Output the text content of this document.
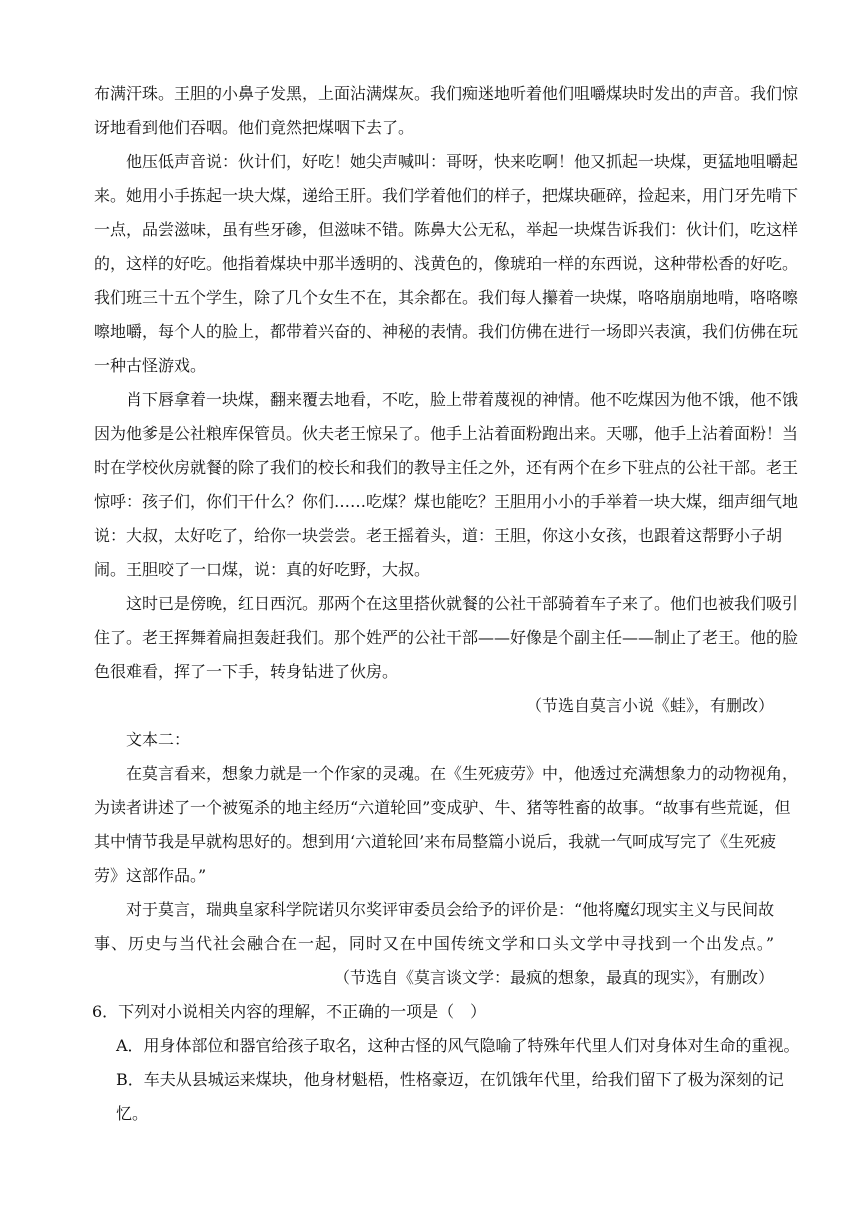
布满汗珠。王胆的小鼻子发黑，上面沾满煤灰。我们痴迷地听着他们咀嚼煤块时发出的声音。我们惊
讶地看到他们吞咽。他们竟然把煤咽下去了。
　　他压低声音说：伙计们，好吃！她尖声喊叫：哥呀，快来吃啊！他又抓起一块煤，更猛地咀嚼起
来。她用小手拣起一块大煤，递给王肝。我们学着他们的样子，把煤块砸碎，捡起来，用门牙先啃下
一点，品尝滋味，虽有些牙碜，但滋味不错。陈鼻大公无私，举起一块煤告诉我们：伙计们，吃这样
的，这样的好吃。他指着煤块中那半透明的、浅黄色的，像琥珀一样的东西说，这种带松香的好吃。
我们班三十五个学生，除了几个女生不在，其余都在。我们每人攥着一块煤，咯咯崩崩地啃，咯咯嚓
嚓地嚼，每个人的脸上，都带着兴奋的、神秘的表情。我们仿佛在进行一场即兴表演，我们仿佛在玩
一种古怪游戏。
　　肖下唇拿着一块煤，翻来覆去地看，不吃，脸上带着蔑视的神情。他不吃煤因为他不饿，他不饿
因为他爹是公社粮库保管员。伙夫老王惊呆了。他手上沾着面粉跑出来。天哪，他手上沾着面粉！当
时在学校伙房就餐的除了我们的校长和我们的教导主任之外，还有两个在乡下驻点的公社干部。老王
惊呼：孩子们，你们干什么？你们……吃煤？煤也能吃？王胆用小小的手举着一块大煤，细声细气地
说：大叔，太好吃了，给你一块尝尝。老王摇着头，道：王胆，你这小女孩，也跟着这帮野小子胡
闹。王胆咬了一口煤，说：真的好吃野，大叔。
　　这时已是傍晚，红日西沉。那两个在这里搭伙就餐的公社干部骑着车子来了。他们也被我们吸引
住了。老王挥舞着扁担轰赶我们。那个姓严的公社干部——好像是个副主任——制止了老王。他的脸
色很难看，挥了一下手，转身钻进了伙房。
（节选自莫言小说《蛙》，有删改）
　　文本二：
　　在莫言看来，想象力就是一个作家的灵魂。在《生死疲劳》中，他透过充满想象力的动物视角，
为读者讲述了一个被冤杀的地主经历“六道轮回”变成驴、牛、猪等牲畜的故事。“故事有些荒诞，但
其中情节我是早就构思好的。想到用‘六道轮回’来布局整篇小说后，我就一气呵成写完了《生死疲
劳》这部作品。”
　　对于莫言，瑞典皇家科学院诺贝尔奖评审委员会给予的评价是：“他将魔幻现实主义与民间故
事、历史与当代社会融合在一起，同时又在中国传统文学和口头文学中寻找到一个出发点。”
（节选自《莫言谈文学：最疯的想象，最真的现实》，有删改）
6．下列对小说相关内容的理解，不正确的一项是（　）
A．用身体部位和器官给孩子取名，这种古怪的风气隐喻了特殊年代里人们对身体对生命的重视。
B．车夫从县城运来煤块，他身材魁梧，性格豪迈，在饥饿年代里，给我们留下了极为深刻的记
忆。
